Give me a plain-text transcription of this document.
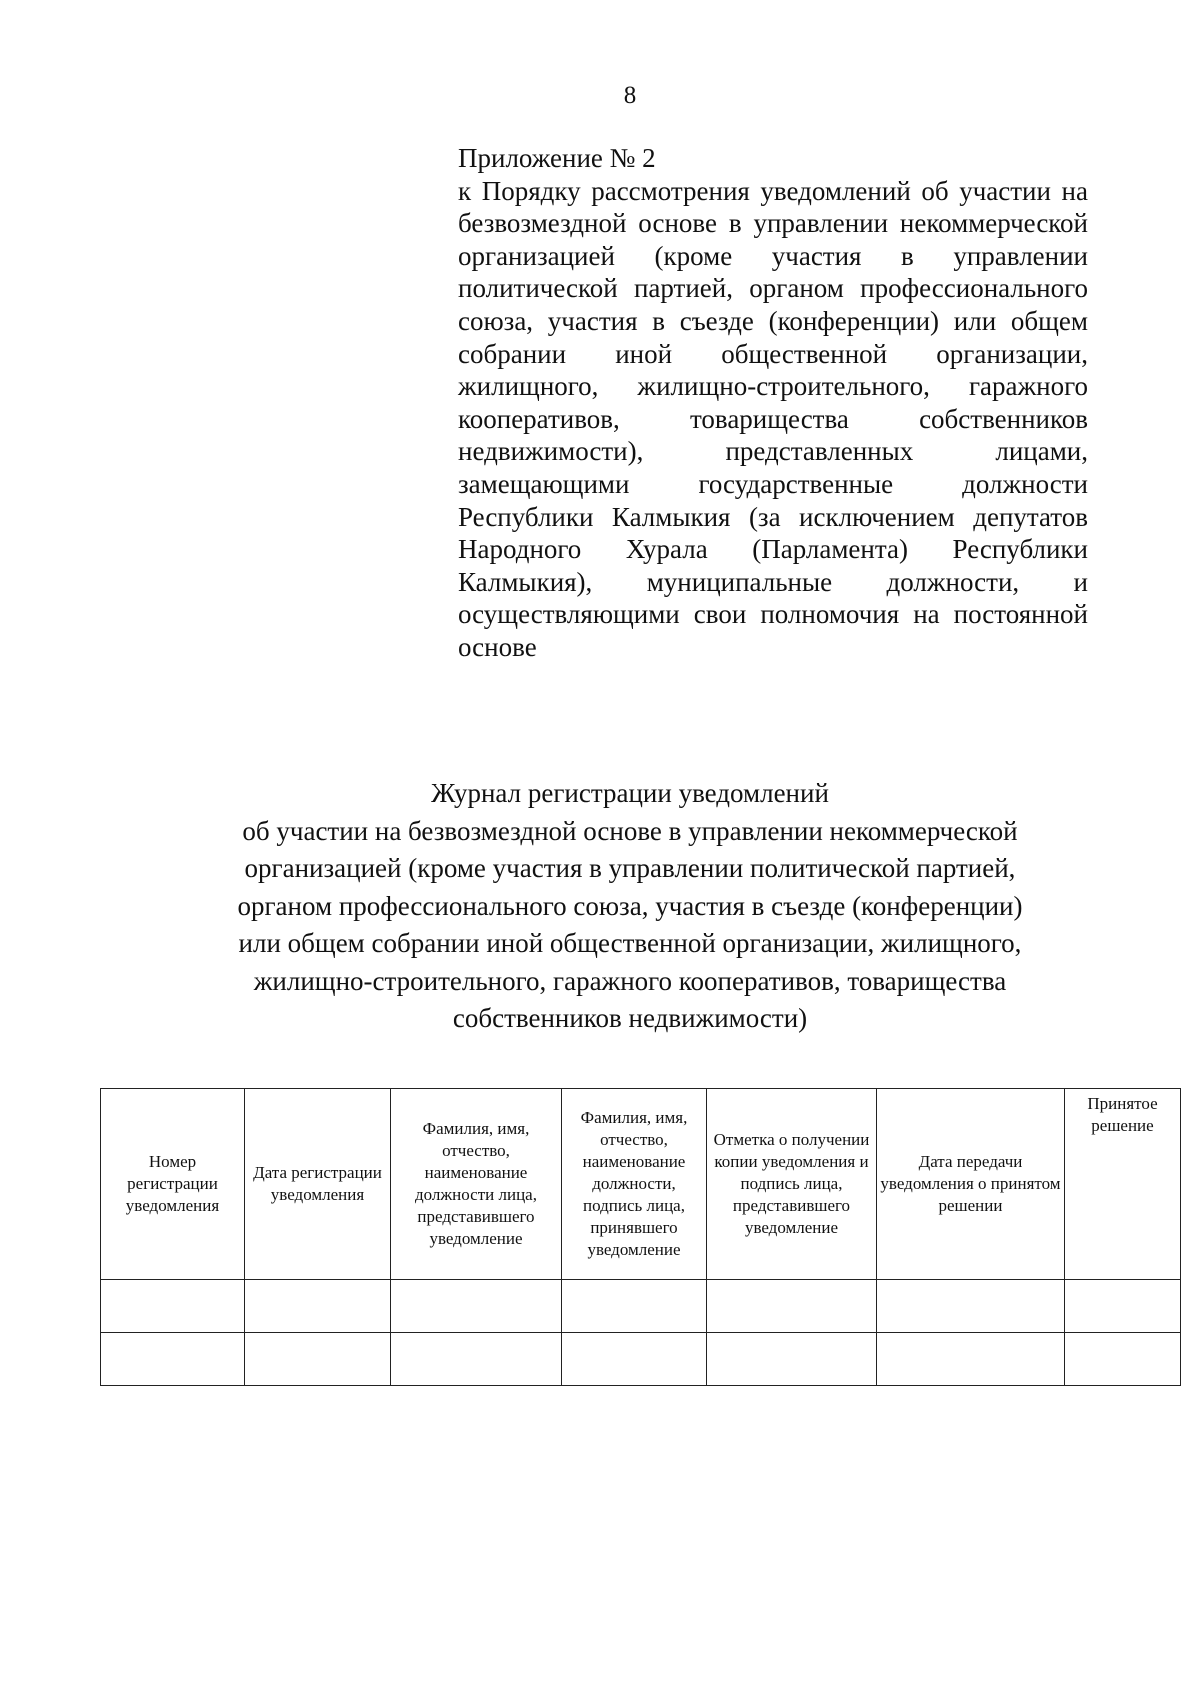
8
Приложение № 2
к Порядку рассмотрения уведомлений об участии на безвозмездной основе в управлении некоммерческой организацией (кроме участия в управлении политической партией, органом профессионального союза, участия в съезде (конференции) или общем собрании иной общественной организации, жилищного, жилищно-строительного, гаражного кооперативов, товарищества собственников недвижимости), представленных лицами, замещающими государственные должности Республики Калмыкия (за исключением депутатов Народного Хурала (Парламента) Республики Калмыкия), муниципальные должности, и осуществляющими свои полномочия на постоянной основе
Журнал регистрации уведомлений
об участии на безвозмездной основе в управлении некоммерческой
организацией (кроме участия в управлении политической партией,
органом профессионального союза, участия в съезде (конференции)
или общем собрании иной общественной организации, жилищного,
жилищно-строительного, гаражного кооперативов, товарищества
собственников недвижимости)
Номер регистрации уведомления	Дата регистрации уведомления	Фамилия, имя, отчество, наименование должности лица, представившего уведомление	Фамилия, имя, отчество, наименование должности, подпись лица, принявшего уведомление	Отметка о получении копии уведомления и подпись лица, представившего уведомление	Дата передачи уведомления о принятом решении	Принятое решение
